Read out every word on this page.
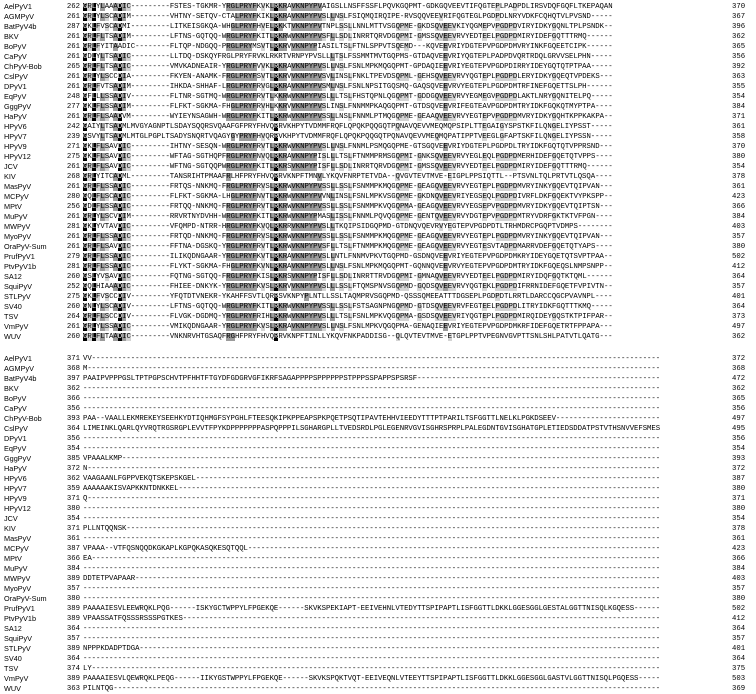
AelPyV1	262 GRLYLAAADIC---------FSTES-TGKMR-YRGLPRYFKVKLRKRAVKNPYPVAIGSLLNSFFSSFLPQVKGQPMT-GDKGQVEEVTIFQGTEPLPADPDLIRSVDQFGQFLTKEPAQAN	370
AGMPyV	261 GRLYLSCADIM---------VHTNY-SETQV-CTALPRYFKIKLRKRAVKNPYPVSLLNSLFSIQMQIRQIPE-RVSQQVEEVRIFQGTEGLPGDPDLNRYVDKFCQHQTVLPVSND-----	367
BatPyV4b	287 GKLFVSCADMI---------LITKEISGKQA-WHGLPRYFHVELRKKTVKNPYPVTNPLSSLLNNLMTTVSGQPME-GKDSQVEEVKIYQGMEPVPGDPDVIRYIDKYGQNLTPLPSNDK--	396
BKV	261 GRLFLTSADIM---------LFTNS-GQTQQ-WRGLPRYFKITLRKRWVKNPYPVSFLLSDLINRRTQRVDGQPMI-GMSSQVEEVRVYEDTEELPGDPDMIRYIDEFGQTTTRMQ------	362
BoPyV	261 GRLFYITAADIC--------FLTQP-NDGQQ-PRGLPRYMSVTLRKRVVKNPYPIASILTSLFTNLSPPVTSQEMD---KQVEEVRIYDGTEPVPGDPDMVRYINKFGQEETCIPK------	365
CaPyV	261 GDLYLTSADIC---------LLTDQ-DSKQYFRGLPRYFRVKLRKRTVRNPYPVSLLLTSLFSSMMTMVTGQPMS-GTDAQVEEVRIYQGTEPLPADPDVQRTRDQLGRVVSELPHN-----	356
ChPyV-Bob	265 GRLFLTSADIC---------VMVKADNEAIR-YRGLPRYFVVKLRKRAVKNPYPVSLLNSLFSNLMPKMQGQPMT-GPDAQIEEVRIYEGTEPVPGDPDIRRYIDEYGQTQTPTPAA-----	392
CslPyV	261 GRLYLSCCDIA---------FKYEN-ANAMK-FRGLPRYFSVTLRKRVVKNPYPVSVLINSLFNKLTPEVDSQPML-GEHSQVEEVRVYQGTEPLPGDPDLERYIDKYGQEQTVPDEKS---	363
DPyV1	261 GRLFVTSADIM---------IHKDA-SHHAF-LRGLPRYFRVGLRKRAVKNPYPVSMLNSLFSNLNPSITGQSMQ-GAQSQVEEVRVYEGTEPLPGDPDMTRFINEFGQETTSLPH------	355
EqPyV	248 GFLLLSSADIV---------FLTNR-SGTMQ-WRGLPRYFRVTLKKRWVKNPYPVSLLLTSLFHSTQPNLQGQPMT-GDDGQVEEVRVYEGMEGVPGDPDLAKTLNRYGQNITELPQ-----	354
GggPyV	277 GKLFLSSADIM---------FLFKT-SGKMA-FHGLPRYFRVHLKKRVVKNPYPVSLINSLFNNMMPKAQGQPMT-GTDSQVEEVRIFEGTEAVPGDPDMTRYIDKFGQKQTMYPTPA----	384
HaPyV	261 GRLFLSAADVM---------WYIEYNSAGWH-WRGLPRYFKITLRKRWVKNPYPVSSLLNSLFNNMLPTMQGQPME-GEAAQVEEVRVYEGTEPVPGDPDMVRYIDKYGQHTKPPKAKPA--	371
HPyV6	242 GAIYLTSADMLMVGYAGNPTLSDAYSQQRSVQAAFGFPRYFHVQRRVKHPYTVDMMFRQFLQPQKPQQGQTPQNAVQEVVMEQMQPSIPLTTEGAIGYSPSTKFILQNGELIYPSST-----	361
HPyV7	239 GSVYLTSADMLMTGLPGPLTSADYSNQRTVQAGYGYPRYFHVQRRVKHPYTVDMMFRQFLQPQKPQQGQTPQNAVQEVVMEQMQPATIPPTVEEGLGFAPTSKFILQNGELIYPSSN-----	358
HPyV9	271 GKLFLSAVDIC---------IHTNY-SESQN-WRGLPRYFRVTLRKRWVKNPYPVSLLNSLFNNMLPSMQGQPME-GTSGQVEEVRIYDGTEPLPGDPDLTRYIDKFGQTQTVPPRSND---	370
HPyV12	275 GKLFLSAVDIC---------WFTAG-SGTHQPFRGLPRYFNVQLRKRAVKNPYPISLLLTSLFTNMMPRMSGQPMI-GNKSQVEEVRVYEGLEQLPGDPDMERHIDEFGQETQTVPPS----	380
JCV	261 GRLFLSAVDIC---------WFTNG-SGTQQPWRGLPRYFKITLRKRSVKNPYPISFLLSDLINRRTQRVDGQPMI-GMSSQVEEVRVYEDTEELPGDPDMIRYIDEFGQTTTRMQ------	354
KIV	268 GRLYITCADML---------TANSRIHTPMAAFRLHFPRYFHVQRRVKNPFTMNVLYKQVFNRPTETVDA--QVGVTEVTMVE-EIGPLPPSIQTTL--PTSVNLTQLPRTVTLQSQA----	378
MasPyV	261 GRLFLSSADIC---------FRTQS-NNKMQ-FRGLPRYFRVSLRKRWVKNPYPVSSLLSSLFSNMMPKMQGQPME-GEAGQVEEVRVYEGTEPLPGDPDMVRYINKYGQEVTQIPVAN---	361
MCPyV	280 GQLFLSCADIC---------FLFKT-SGKMA-LHGLPRYFNVTLRKRWVKNPYPVVNLINSLFSNLMPKVSGQPME-GKDNQVEEVRIYEGSEQLPGDPDIVRFLDKFGQEKTVYPKSPP--	423
MPtV	256 GDLFLSSADIC---------FRTQQ-NNKMQ-FRGLPRYFRVTLRKRWVKNPYPVSSLLSSLFSNMMPKVQGQPMA-GEAGQVEEVRVYEGSEPVPGDPDMVRYIDKYGQEVTQIPTSN---	366
MuPyV	261 GRLYLSCVDIM---------RRVRTNYDVHH-WRGLPRYFKITLRKRWVKNPYPMASLISSLFNNMLPQVQGQPME-GENTQVEEVRVYDGTEPVPGDPDMTRYVDRFGKTKTVFPGN----	384
MWPyV	281 GKLYVTAVDIC---------VFQMPD-NTRR-HRGLPRYFKVQLRKRRVKNPYPVSLLTKQIPSIDGQPMD-GTDNQVQEVRVYEGTEPVPGDPDTLTRHMDRCPGQPTVDMPS--------	403
MyoPyV	261 GRLFLSSADIC---------FRTQD-NNKMQ-FRGLPRYFRVSLRKRWVKNPYPVSSLLSSLFSNMMPKMQGQPME-GEAGQVEEVRVYEGTEPLPGDPDMVRYINKYGQEVTQIPVAN---	357
OraPyV-Sum	261 GRLFLSAVDIC---------FFTNA-DGSKQ-YRGLPRYFRVTLRKRWVKNPYPVSFLLTSLFTNMMPKMQGQPME-GEAGQVEEVRVYEGTESVTADPDMARRVDEFGQETQTYAPS----	380
PrufPyV1	279 GRLFLSSADIC---------ILIKQDNGAAR-YRGLPRYFKVTLRKRAVKNPYPVSLLNTLFNNMVPKVTGQPMD-GSDNQVEEVRIYEGTEPVPGDPDMKRYIDEYGQETQTSVPTPAA--	502
PtvPyV1b	281 GRLFLSSADIC---------FLYKT-SGKMA-FHGLPRYFKVNLRKRAVKNPYPVSLLNSLFSNLMPKMQGQPMT-GQNNQVEEVRVYEGTEPVPGDPDMTRYIDKFGQEQSLNMPSNPP--	412
SA12	260 GSLYVSAVDIC---------FQTNG-SGTQQ-FRGLPRYFKISLRKRSVKNPYPISFLLSDLINRRTTRVDGQPMI-GMNAQVEEVRVYEDTEELPGDPDMIRYIDQFGQTKTQML------	364
SquiPyV	252 GQLHIAAADIC---------FHIEE-DNKYK-YRGLPRYFKVSLRKRVVKNPYPVSLLLSSLFTQMSPNVSGQPMD-GQDSQVEEVRVYQGTEKLPGDPDIFRRNIDEFGQETFVPIVTN--	357
STLPyV	275 GKLFVSCCDIV---------YFQTDTVNEKR-YKAHFFSVTLQRRSVKNPYPLNTLLSSLTAQMPRVSGQPMD-QSSSQMEEATTTDGSEPLPGDPDTLRRTLDARCCQGCPVAVNPL----	401
SV40	260 GNLYLSCADIV---------LFTNS-GQTQQ-WRGLPRYFKITLRKRWVKNPYPVSSLLSSLFSTSAGNPNGQPMD-GTDSQVEEVRVFEGTEELPGDPDLITRYIDKFGQTTTKMQ-----	364
TSV	264 GRLFLSCCDIV---------FLVGK-DGDMQ-YRGLPRYFRIHLRKRWVKNPYPVSLLLTSLFSNLMPKVQGQPMA-GSDSQVEEVRIYQGTEPLPGDPDMIRQIDEYGQSTKTPIFPAR--	373
VmPyV	261 GRLYLSSADIC---------VMIKQDNGAAR-YRGLPRYFKVSLRKRAVKNPYPVSLLNSLFSNLMPKVQGQPMA-GENAQIEEVRIYEGTEPVPGDPDMKRFIDEFGQETRTFPPAPA---	497
WUV	260 GRLFLTAADIC---------VNKNRVHTGSAQFRGHFPRYFHVQRRVKNPFTINLLYKQVFNKPADDISG--QLQVTEVTMVE-ETGPLPPTVPEGNVGVPTTSNLSHLPATVTLQATG---	362
AelPyV1	371 VV-----------------------------------------------------------------------------------------------------------------------------------	372
AGMPyV	368 M------------------------------------------------------------------------------------------------------------------------------------	368
BatPyV4b	397 PAAIPVPPPGSLTPTPGPSCHVTPFHHTFTGYDFGDGRVGFIKRFSAGAPPPPSPPPPPPSTPPPSSPAPPSPSRSF--------------------------------------------------------	472
BKV	362 -------------------------------------------------------------------------------------------------------------------------------------	362
BoPyV	366 -------------------------------------------------------------------------------------------------------------------------------------	365
CaPyV	356 -------------------------------------------------------------------------------------------------------------------------------------	356
ChPyV-Bob	393 PAA--VAALLEKMREKEYSEEHKYDTIQHMGFSYPGHLFTEESQKIPKPPEAPSPKPQETPSQTIPAVTEHHVIEEDYTTTPTPARILTSFGGTTLNELKLPGKDSEEV------------------------	497
CslPyV	364 LIMEINKLQARLQYVRQTRGSRGPLEVVTFPYKDPPPPPPPASPQPPPILSGHARGPLLTVEDSRDLPGLEGENRVGVISGHRSPRPLPALEGDNTGVISGHATGPLETIEDSDDATPSTVTHSNVVEFSMES	495
DPyV1	356 -------------------------------------------------------------------------------------------------------------------------------------	356
EqPyV	354 -------------------------------------------------------------------------------------------------------------------------------------	354
GggPyV	385 VPAAALKMP----------------------------------------------------------------------------------------------------------------------------	393
HaPyV	372 N------------------------------------------------------------------------------------------------------------------------------------	372
HPyV6	362 VAAGAANLFGPPVEKQTSKEPSKGEL-----------------------------------------------------------------------------------------------------------	387
HPyV7	359 AAAAAAKISVAPKKNTDNKKEL---------------------------------------------------------------------------------------------------------------	380
HPyV9	371 Q------------------------------------------------------------------------------------------------------------------------------------	371
HPyV12	380 -------------------------------------------------------------------------------------------------------------------------------------	380
JCV	354 -------------------------------------------------------------------------------------------------------------------------------------	354
KIV	371 PLLNTQQNSK---------------------------------------------------------------------------------------------------------------------------	378
MasPyV	361 -------------------------------------------------------------------------------------------------------------------------------------	361
MCPyV	387 VPAAA--VTFQSNQQDKGKAPLKGPQKASQKESQTQQL-----------------------------------------------------------------------------------------------	423
MPtV	366 EA-----------------------------------------------------------------------------------------------------------------------------------	366
MuPyV	384 -------------------------------------------------------------------------------------------------------------------------------------	384
MWPyV	389 DDTETPVAPAAR-------------------------------------------------------------------------------------------------------------------------	403
MyoPyV	357 -------------------------------------------------------------------------------------------------------------------------------------	357
OraPyV-Sum	380 -------------------------------------------------------------------------------------------------------------------------------------	380
PrufPyV1	389 PAAAAIESVLEEWRQKLPQG------ISKYGCTWPPYLFPGEKQE------SKVKSPEKIAPT-EEIVEHNLVTEDYTTSPIPAPTLISFGGTTLDKKLGGESGGLGESTALGGTTNISQLKGQESS------	502
PtvPyV1b	389 VPAASSATFQSSSRSSSPGTKES--------------------------------------------------------------------------------------------------------------	412
SA12	364 -------------------------------------------------------------------------------------------------------------------------------------	364
SquiPyV	357 -------------------------------------------------------------------------------------------------------------------------------------	357
STLPyV	389 NPPPKDADPTDGA------------------------------------------------------------------------------------------------------------------------	401
SV40	364 -------------------------------------------------------------------------------------------------------------------------------------	364
TSV	374 LY-----------------------------------------------------------------------------------------------------------------------------------	375
VmPyV	389 PAAAAIESVLQEWRQKLPEQG------IIKYGSTWPPYLFPGEKQE------SKVKSPQKTVQT-EEIVEQNLVTEEYTTSPIPAPTLISFGGTTLDKKLGGESGGLGASTVLGGTTNISQLPGQESS-----	503
WUV	363 PILNTQG------------------------------------------------------------------------------------------------------------------------------	369
